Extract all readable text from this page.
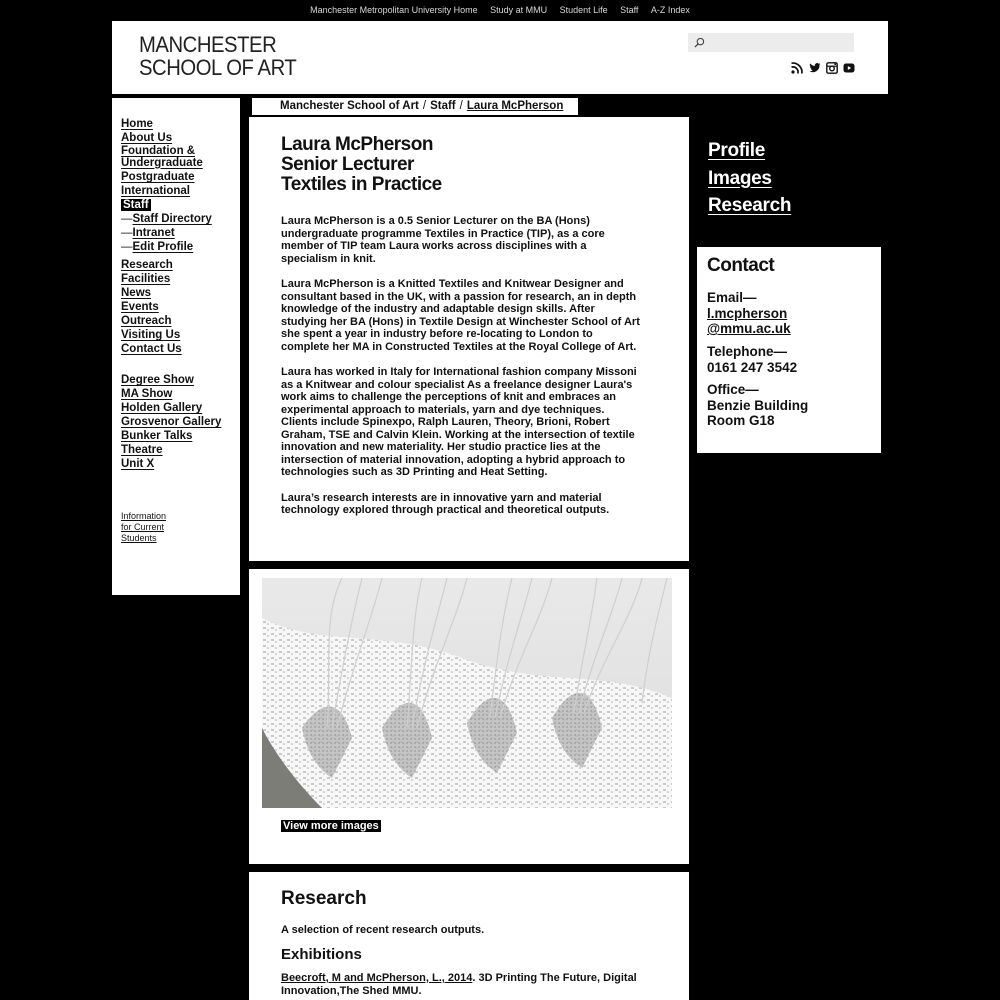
Manchester Metropolitan University Home Study at MMU Student Life Staff A-Z Index
MANCHESTER
SCHOOL OF ART
Home
About Us
Foundation & Undergraduate
Postgraduate
International
Staff
— Staff Directory
— Intranet
— Edit Profile
Research
Facilities
News
Events
Outreach
Visiting Us
Contact Us
Degree Show
MA Show
Holden Gallery
Grosvenor Gallery
Bunker Talks
Theatre
Unit X
Information
for Current
Students
Manchester School of Art / Staff / Laura McPherson
Laura McPherson
Senior Lecturer
Textiles in Practice

Laura McPherson is a 0.5 Senior Lecturer on the BA (Hons) undergraduate programme Textiles in Practice (TIP), as a core member of TIP team Laura works across disciplines with a specialism in knit.

Laura McPherson is a Knitted Textiles and Knitwear Designer and consultant based in the UK, with a passion for research, an in depth knowledge of the industry and adaptable design skills. After studying her BA (Hons) in Textile Design at Winchester School of Art she spent a year in industry before re-locating to London to complete her MA in Constructed Textiles at the Royal College of Art.

Laura has worked in Italy for International fashion company Missoni as a Knitwear and colour specialist As a freelance designer Laura's work aims to challenge the perceptions of knit and embraces an experimental approach to materials, yarn and dye techniques. Clients include Spinexpo, Ralph Lauren, Theory, Brioni, Robert Graham, TSE and Calvin Klein. Working at the intersection of textile innovation and new materiality. Her studio practice lies at the intersection of material innovation, adopting a hybrid approach to technologies such as 3D Printing and Heat Setting.

Laura’s research interests are in innovative yarn and material technology explored through practical and theoretical outputs.

View more images
Research
A selection of recent research outputs.
Exhibitions
Beecroft, M and McPherson, L., 2014. 3D Printing The Future, Digital Innovation,The Shed MMU.
Profile
Images
Research
Contact
Email—
l.mcpherson
@mmu.ac.uk
Telephone—
0161 247 3542
Office—
Benzie Building
Room G18
